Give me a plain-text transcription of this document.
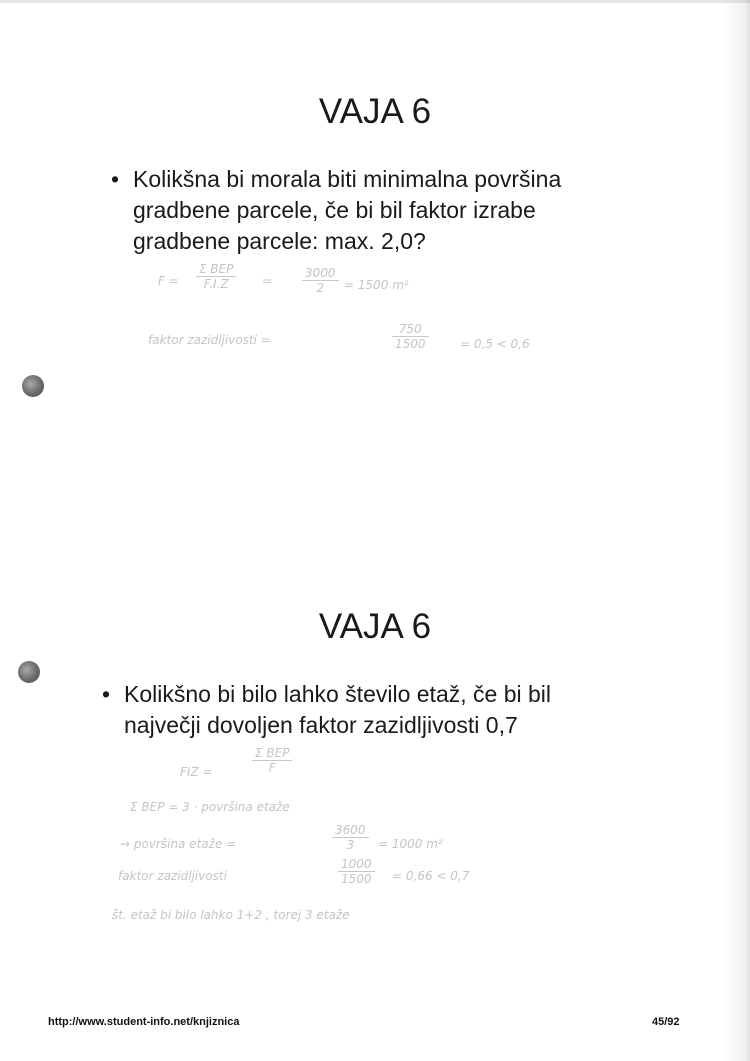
VAJA 6
• Kolikšna bi morala biti minimalna površina

gradbene parcele, če bi bil faktor izrabe

gradbene parcele: max. 2,0?

F =
Σ BEP
F.I.Z	= $\frac{3000}{2} = 1500$ m²
faktor zazidljivosti =	$\frac{750}{1500}$	= 0,5 < 0,6
VAJA 6
• Kolikšno bi bilo lahko število etaž, če bi bil

največji dovoljen faktor zazidljivosti 0,7

FIZ =
Σ BEP
F
Σ BEP = 3 · površina etaže
→ površina etaže =	$\frac{3600}{3} = 1000$ m²
faktor zazidljivosti	$\frac{1000}{1500} = 0,66 < 0,7$
št. etaž bi bilo lahko 1+2 , torej 3 etaže
http://www.student-info.net/knjiznica	45/92
